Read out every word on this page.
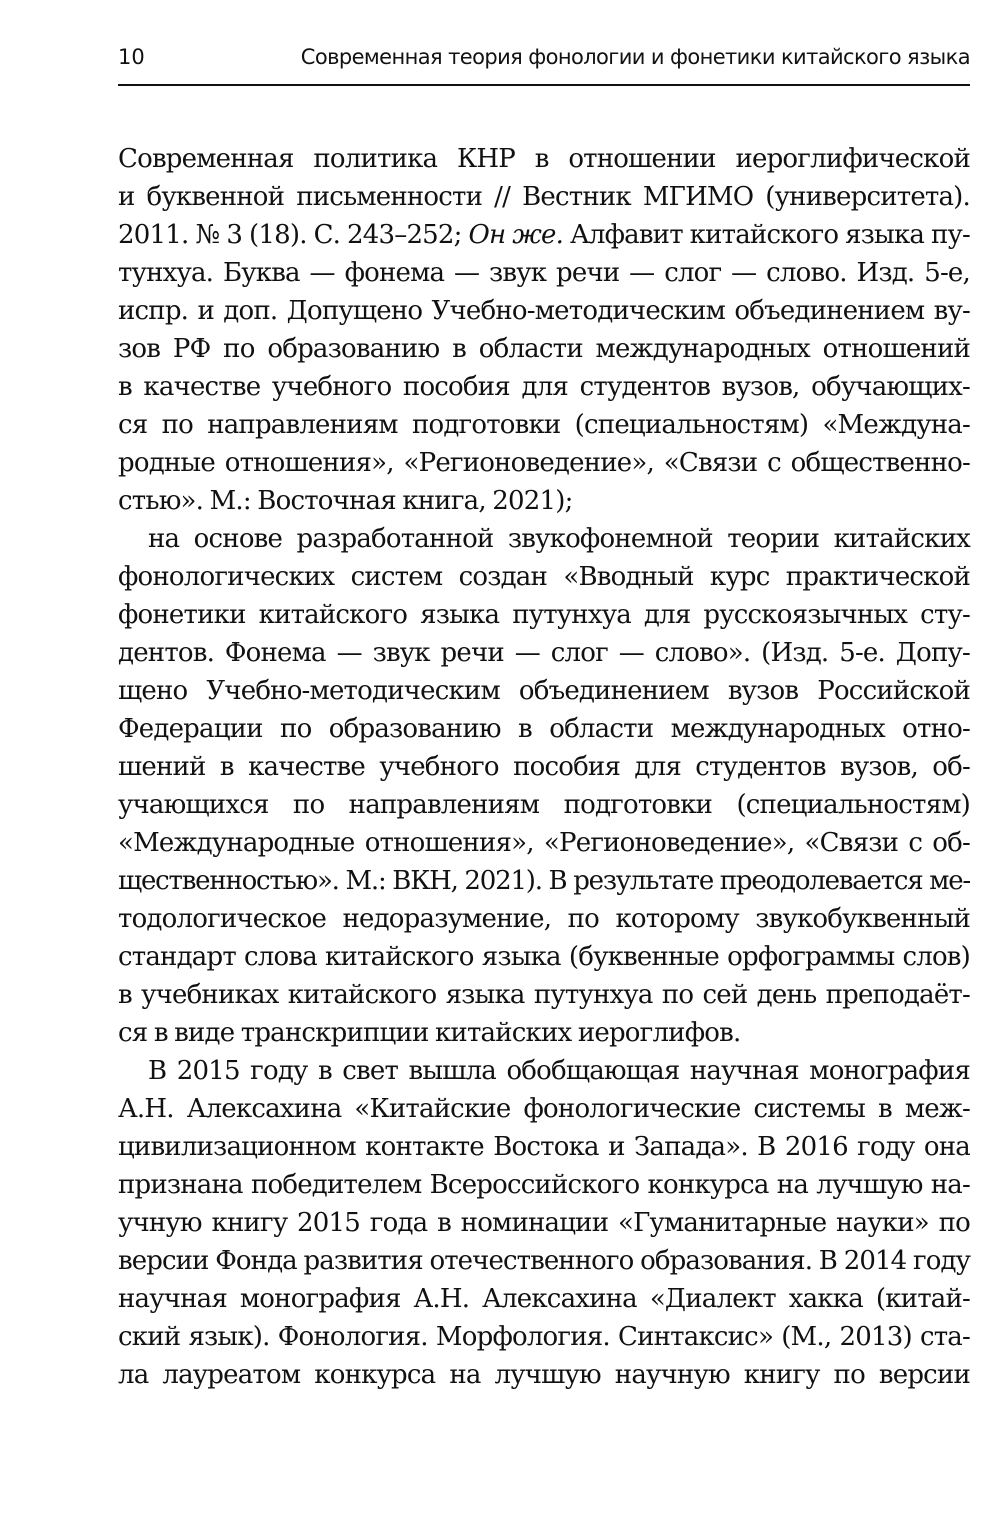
10	Современная теория фонологии и фонетики китайского языка
Современная политика КНР в отношении иероглифической
и буквенной письменности // Вестник МГИМО (университета).
2011. № 3 (18). С. 243–252; Он же. Алфавит китайского языка пу-
тунхуа. Буква — фонема — звук речи — слог — слово. Изд. 5-е,
испр. и доп. Допущено Учебно-методическим объединением ву-
зов РФ по образованию в области международных отношений
в качестве учебного пособия для студентов вузов, обучающих-
ся по направлениям подготовки (специальностям) «Междуна-
родные отношения», «Регионоведение», «Связи с общественно-
стью». М.: Восточная книга, 2021);
на основе разработанной звукофонемной теории китайских
фонологических систем создан «Вводный курс практической
фонетики китайского языка путунхуа для русскоязычных сту-
дентов. Фонема — звук речи — слог — слово». (Изд. 5-е. Допу-
щено Учебно-методическим объединением вузов Российской
Федерации по образованию в области международных отно-
шений в качестве учебного пособия для студентов вузов, об-
учающихся по направлениям подготовки (специальностям)
«Международные отношения», «Регионоведение», «Связи с об-
щественностью». М.: ВКН, 2021). В результате преодолевается ме-
тодологическое недоразумение, по которому звукобуквенный
стандарт слова китайского языка (буквенные орфограммы слов)
в учебниках китайского языка путунхуа по сей день преподаёт-
ся в виде транскрипции китайских иероглифов.
В 2015 году в свет вышла обобщающая научная монография
А.Н. Алексахина «Китайские фонологические системы в меж-
цивилизационном контакте Востока и Запада». В 2016 году она
признана победителем Всероссийского конкурса на лучшую на-
учную книгу 2015 года в номинации «Гуманитарные науки» по
версии Фонда развития отечественного образования. В 2014 году
научная монография А.Н. Алексахина «Диалект хакка (китай-
ский язык). Фонология. Морфология. Синтаксис» (М., 2013) ста-
ла лауреатом конкурса на лучшую научную книгу по версии
